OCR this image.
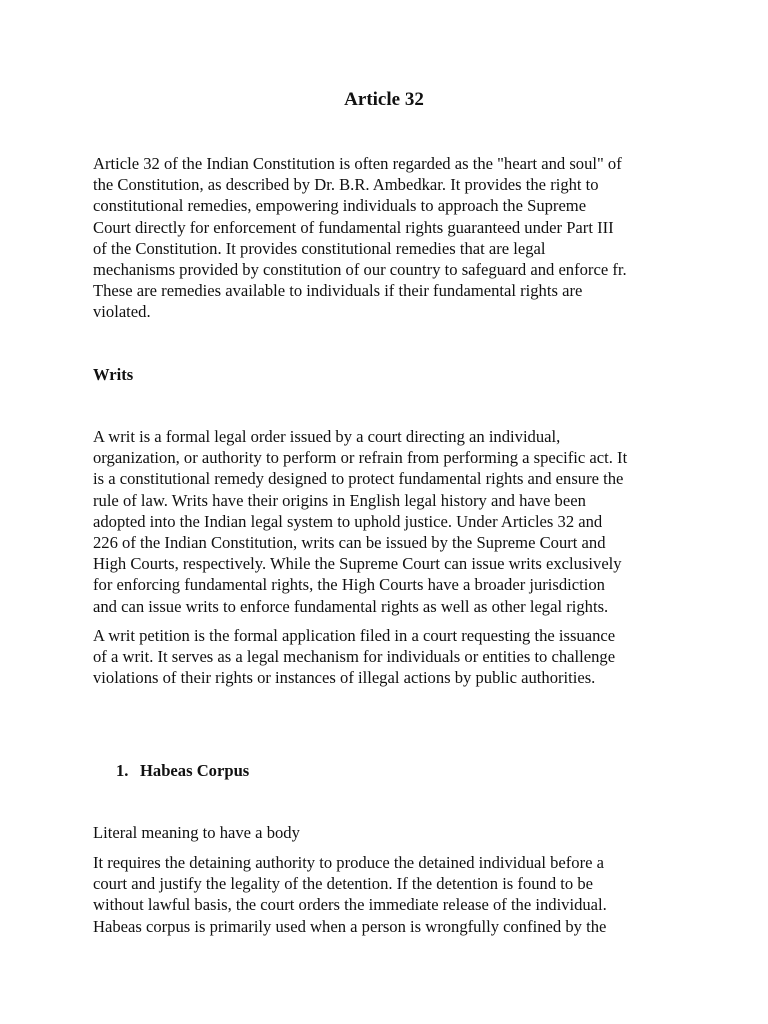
Article 32
Article 32 of the Indian Constitution is often regarded as the "heart and soul" of
the Constitution, as described by Dr. B.R. Ambedkar. It provides the right to
constitutional remedies, empowering individuals to approach the Supreme
Court directly for enforcement of fundamental rights guaranteed under Part III
of the Constitution. It provides constitutional remedies that are legal
mechanisms provided by constitution of our country to safeguard and enforce fr.
These are remedies available to individuals if their fundamental rights are
violated.
Writs
A writ is a formal legal order issued by a court directing an individual,
organization, or authority to perform or refrain from performing a specific act. It
is a constitutional remedy designed to protect fundamental rights and ensure the
rule of law. Writs have their origins in English legal history and have been
adopted into the Indian legal system to uphold justice. Under Articles 32 and
226 of the Indian Constitution, writs can be issued by the Supreme Court and
High Courts, respectively. While the Supreme Court can issue writs exclusively
for enforcing fundamental rights, the High Courts have a broader jurisdiction
and can issue writs to enforce fundamental rights as well as other legal rights.
A writ petition is the formal application filed in a court requesting the issuance
of a writ. It serves as a legal mechanism for individuals or entities to challenge
violations of their rights or instances of illegal actions by public authorities.
1. Habeas Corpus
Literal meaning to have a body
It requires the detaining authority to produce the detained individual before a
court and justify the legality of the detention. If the detention is found to be
without lawful basis, the court orders the immediate release of the individual.
Habeas corpus is primarily used when a person is wrongfully confined by the
